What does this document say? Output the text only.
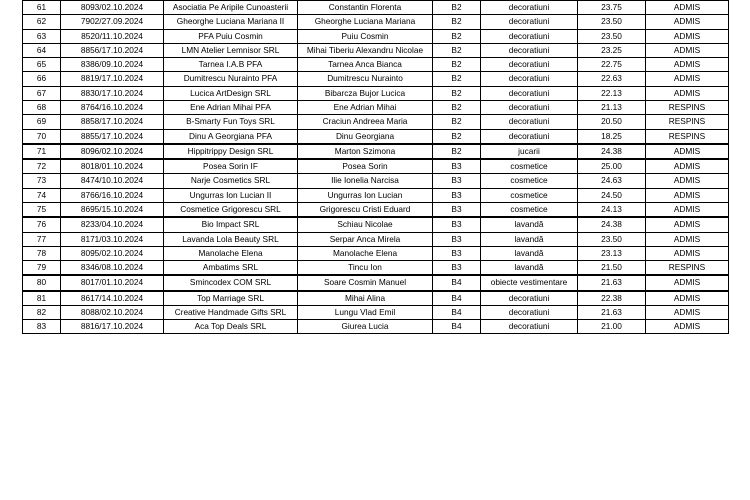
61	8093/02.10.2024	Asociatia Pe Aripile Cunoasterii	Constantin Florenta	B2	decoratiuni	23.75	ADMIS
62	7902/27.09.2024	Gheorghe Luciana Mariana II	Gheorghe Luciana Mariana	B2	decoratiuni	23.50	ADMIS
63	8520/11.10.2024	PFA Puiu Cosmin	Puiu Cosmin	B2	decoratiuni	23.50	ADMIS
64	8856/17.10.2024	LMN Atelier Lemnisor SRL	Mihai Tiberiu Alexandru Nicolae	B2	decoratiuni	23.25	ADMIS
65	8386/09.10.2024	Tarnea I.A.B PFA	Tarnea Anca Bianca	B2	decoratiuni	22.75	ADMIS
66	8819/17.10.2024	Dumitrescu Nurainto PFA	Dumitrescu Nurainto	B2	decoratiuni	22.63	ADMIS
67	8830/17.10.2024	Lucica ArtDesign SRL	Bibarcza Bujor Lucica	B2	decoratiuni	22.13	ADMIS
68	8764/16.10.2024	Ene Adrian Mihai PFA	Ene Adrian Mihai	B2	decoratiuni	21.13	RESPINS
69	8858/17.10.2024	B-Smarty Fun Toys SRL	Craciun Andreea Maria	B2	decoratiuni	20.50	RESPINS
70	8855/17.10.2024	Dinu A Georgiana PFA	Dinu Georgiana	B2	decoratiuni	18.25	RESPINS
71	8096/02.10.2024	Hippitrippy Design SRL	Marton Szimona	B2	jucarii	24.38	ADMIS
72	8018/01.10.2024	Posea Sorin IF	Posea Sorin	B3	cosmetice	25.00	ADMIS
73	8474/10.10.2024	Narje Cosmetics SRL	Ilie Ionelia Narcisa	B3	cosmetice	24.63	ADMIS
74	8766/16.10.2024	Ungurras Ion Lucian II	Ungurras Ion Lucian	B3	cosmetice	24.50	ADMIS
75	8695/15.10.2024	Cosmetice Grigorescu SRL	Grigorescu Cristi Eduard	B3	cosmetice	24.13	ADMIS
76	8233/04.10.2024	Bio Impact SRL	Schiau Nicolae	B3	lavandă	24.38	ADMIS
77	8171/03.10.2024	Lavanda Lola Beauty SRL	Serpar Anca Mirela	B3	lavandă	23.50	ADMIS
78	8095/02.10.2024	Manolache Elena	Manolache Elena	B3	lavandă	23.13	ADMIS
79	8346/08.10.2024	Ambatims SRL	Tincu Ion	B3	lavandă	21.50	RESPINS
80	8017/01.10.2024	Smincodex COM SRL	Soare Cosmin Manuel	B4	obiecte vestimentare	21.63	ADMIS
81	8617/14.10.2024	Top Marriage SRL	Mihai Alina	B4	decoratiuni	22.38	ADMIS
82	8088/02.10.2024	Creative Handmade Gifts SRL	Lungu Vlad Emil	B4	decoratiuni	21.63	ADMIS
83	8816/17.10.2024	Aca Top Deals SRL	Giurea Lucia	B4	decoratiuni	21.00	ADMIS
